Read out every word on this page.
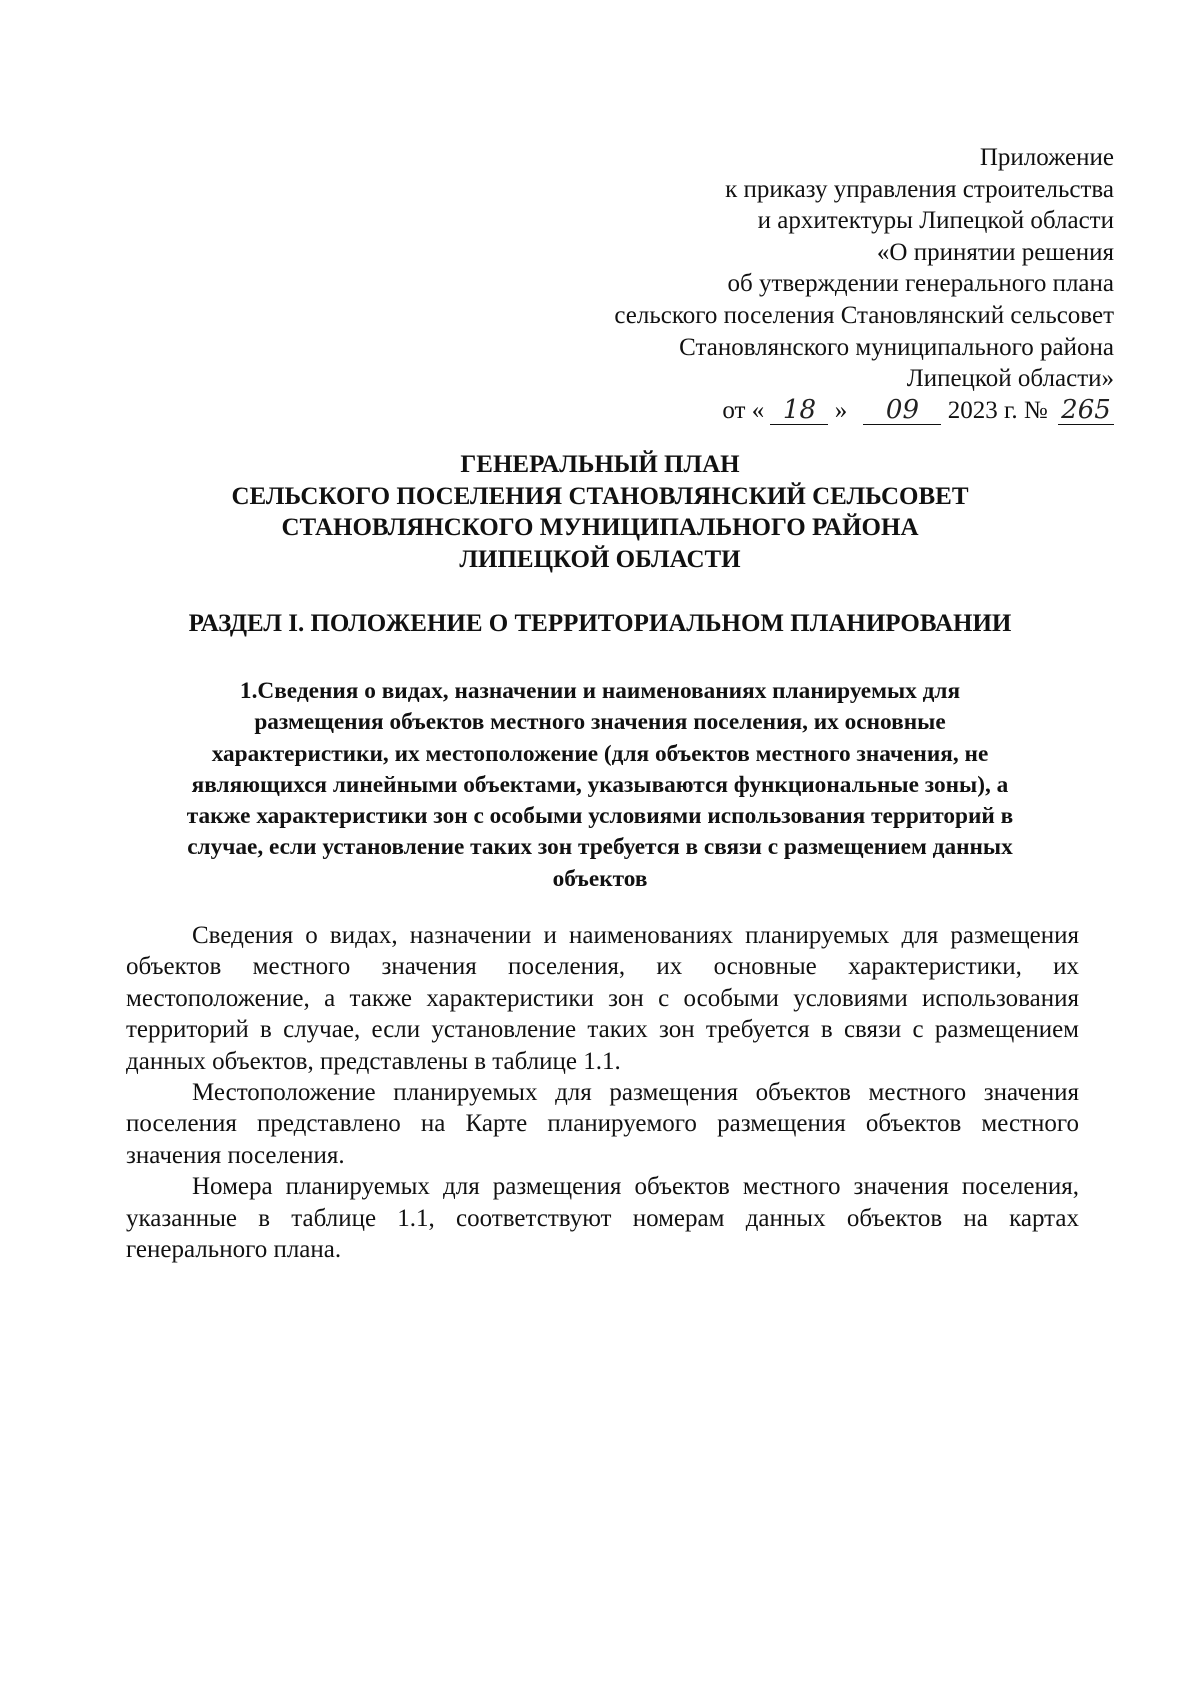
Приложение
к приказу управления строительства
и архитектуры Липецкой области
«О принятии решения
об утверждении генерального плана
сельского поселения Становлянский сельсовет
Становлянского муниципального района
Липецкой области»
от « 18 » 09 2023 г. № 265
ГЕНЕРАЛЬНЫЙ ПЛАН
СЕЛЬСКОГО ПОСЕЛЕНИЯ СТАНОВЛЯНСКИЙ СЕЛЬСОВЕТ
СТАНОВЛЯНСКОГО МУНИЦИПАЛЬНОГО РАЙОНА
ЛИПЕЦКОЙ ОБЛАСТИ
РАЗДЕЛ I. ПОЛОЖЕНИЕ О ТЕРРИТОРИАЛЬНОМ ПЛАНИРОВАНИИ
1.Сведения о видах, назначении и наименованиях планируемых для
размещения объектов местного значения поселения, их основные
характеристики, их местоположение (для объектов местного значения, не
являющихся линейными объектами, указываются функциональные зоны), а
также характеристики зон с особыми условиями использования территорий в
случае, если установление таких зон требуется в связи с размещением данных
объектов
Сведения о видах, назначении и наименованиях планируемых для размещения
объектов местного значения поселения, их основные характеристики, их
местоположение, а также характеристики зон с особыми условиями использования
территорий в случае, если установление таких зон требуется в связи с размещением
данных объектов, представлены в таблице 1.1.
Местоположение планируемых для размещения объектов местного значения
поселения представлено на Карте планируемого размещения объектов местного
значения поселения.
Номера планируемых для размещения объектов местного значения поселения,
указанные в таблице 1.1, соответствуют номерам данных объектов на картах
генерального плана.
